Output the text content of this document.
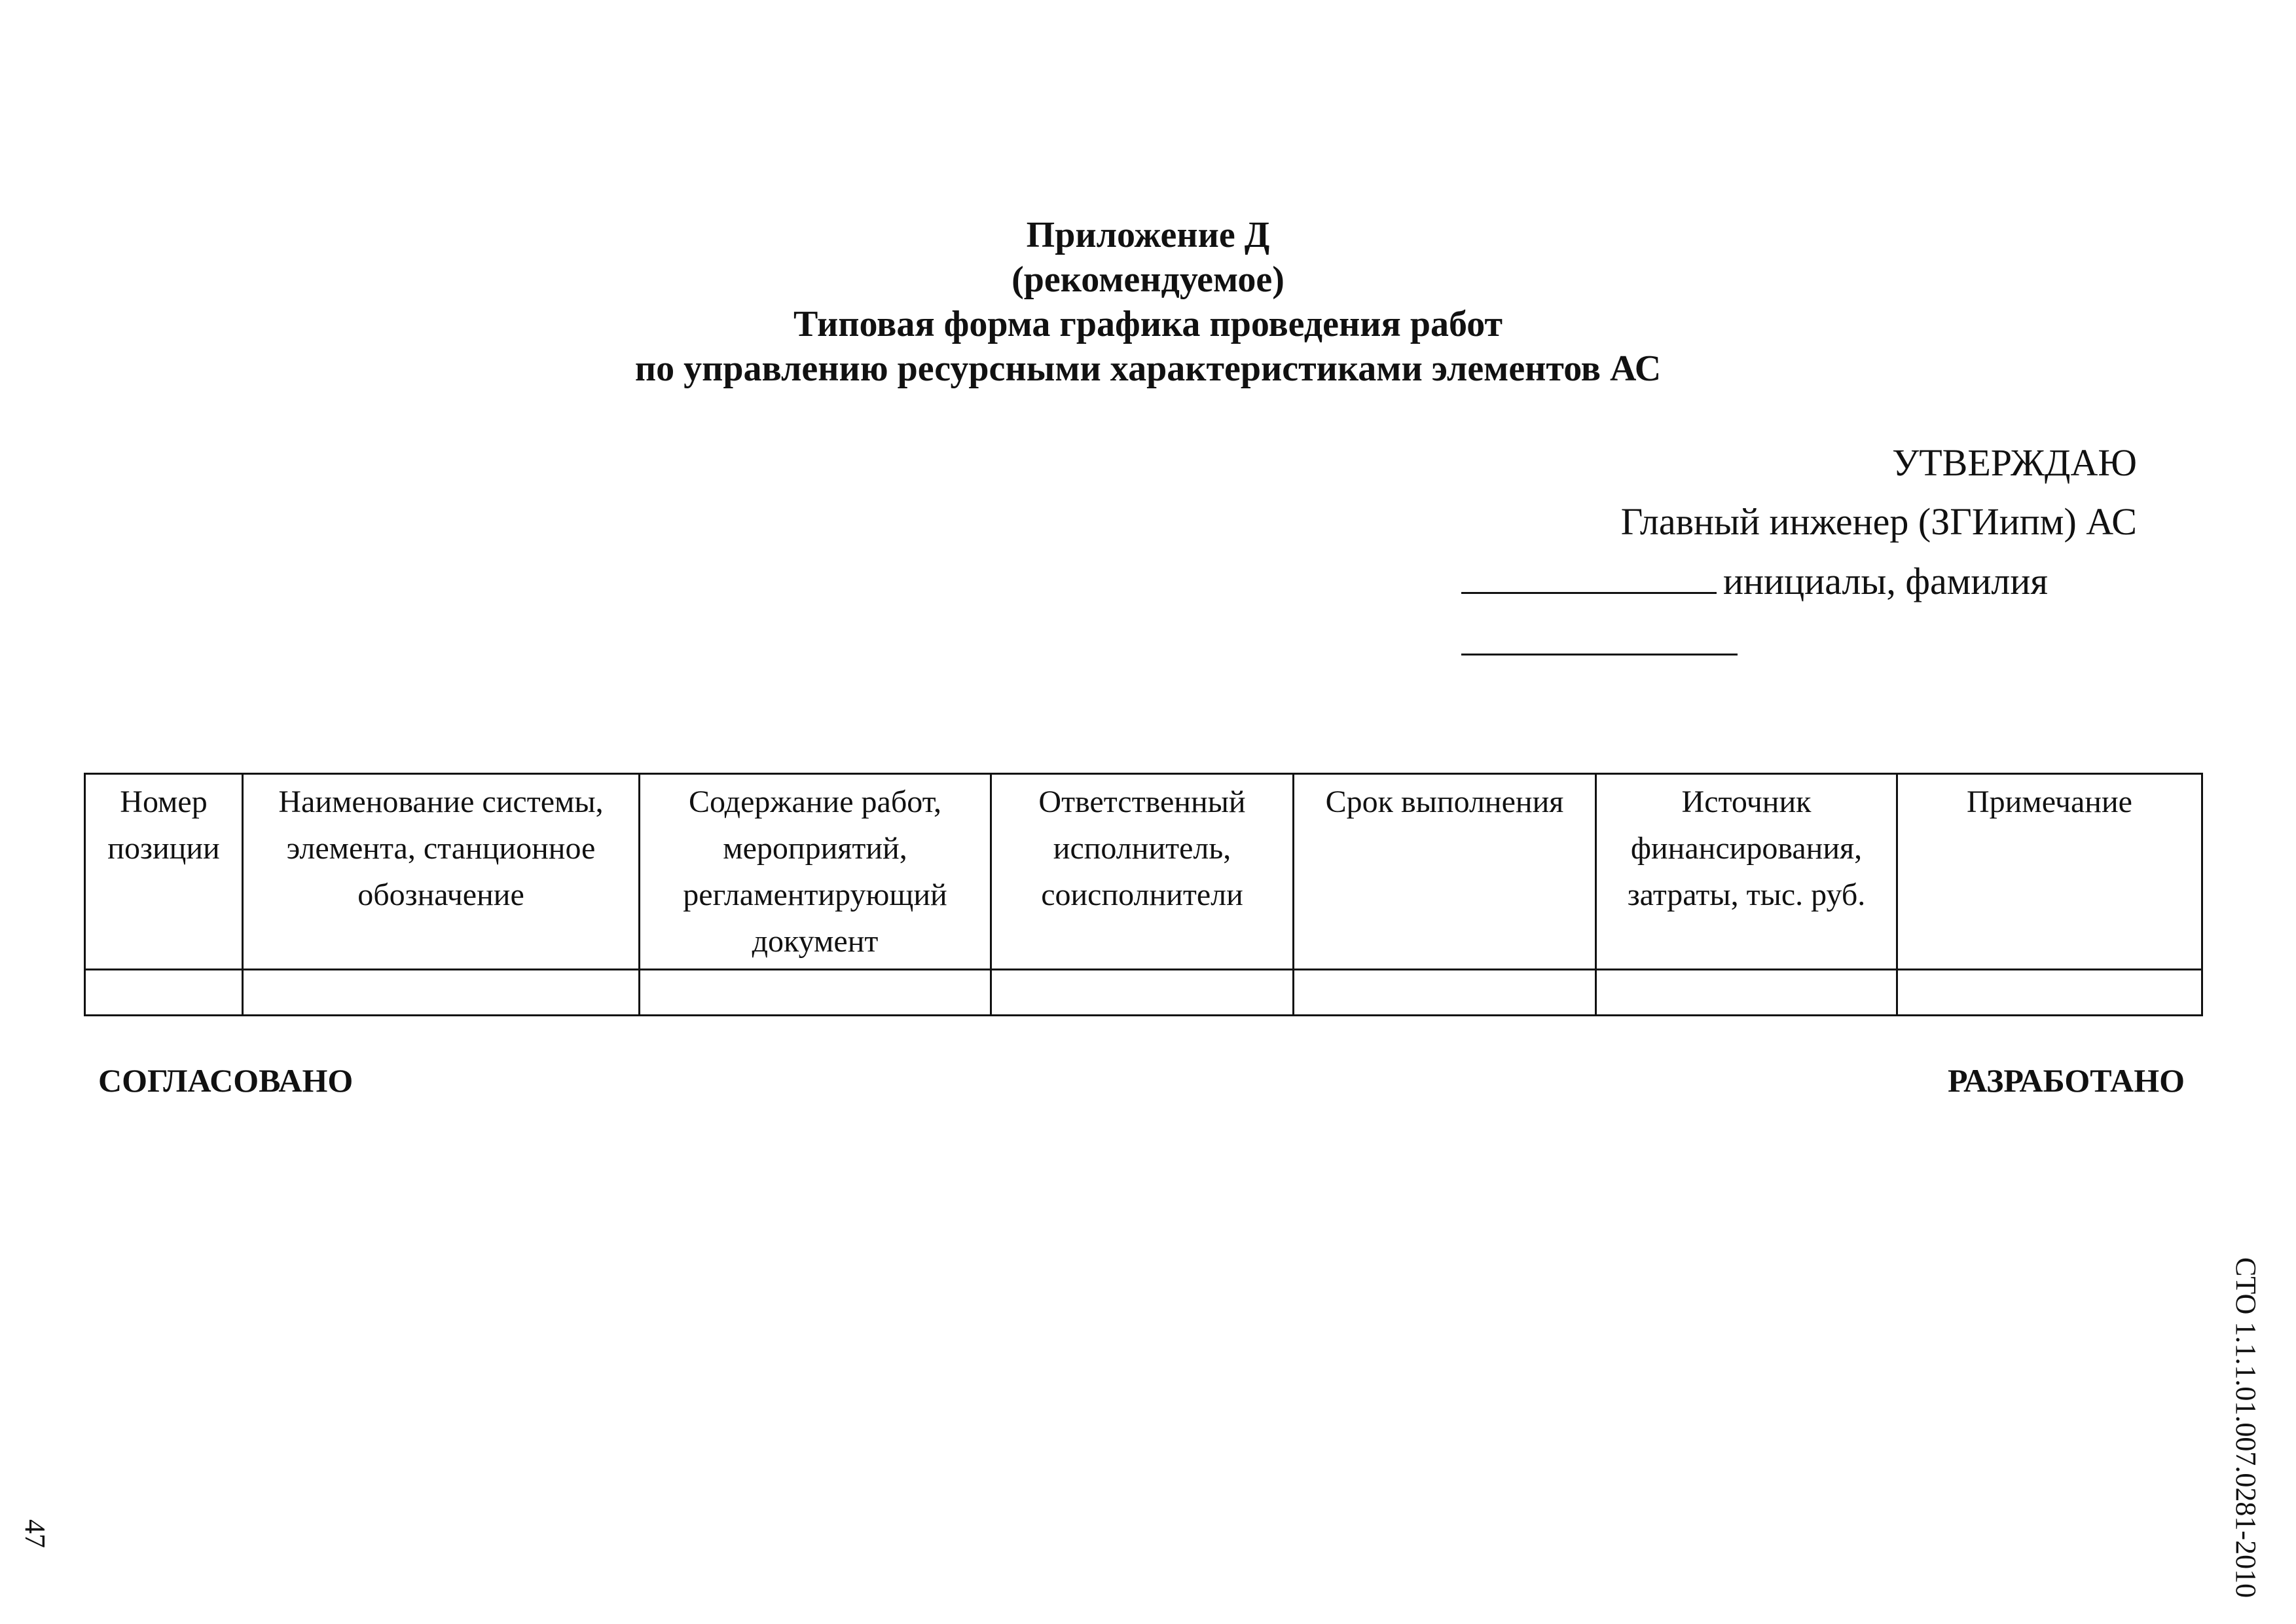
Приложение Д
(рекомендуемое)
Типовая форма графика проведения работ
по управлению ресурсными характеристиками элементов АС
УТВЕРЖДАЮ
Главный инженер (ЗГИипм) АС
инициалы, фамилия
Номер позиции	Наименование системы, элемента, станционное обозначение	Содержание работ, мероприятий, регламентирующий документ	Ответственный исполнитель, соисполнители	Срок выполнения	Источник финансирования, затраты, тыс. руб.	Примечание

СОГЛАСОВАНО	РАЗРАБОТАНО
СТО 1.1.1.01.007.0281-2010
47
